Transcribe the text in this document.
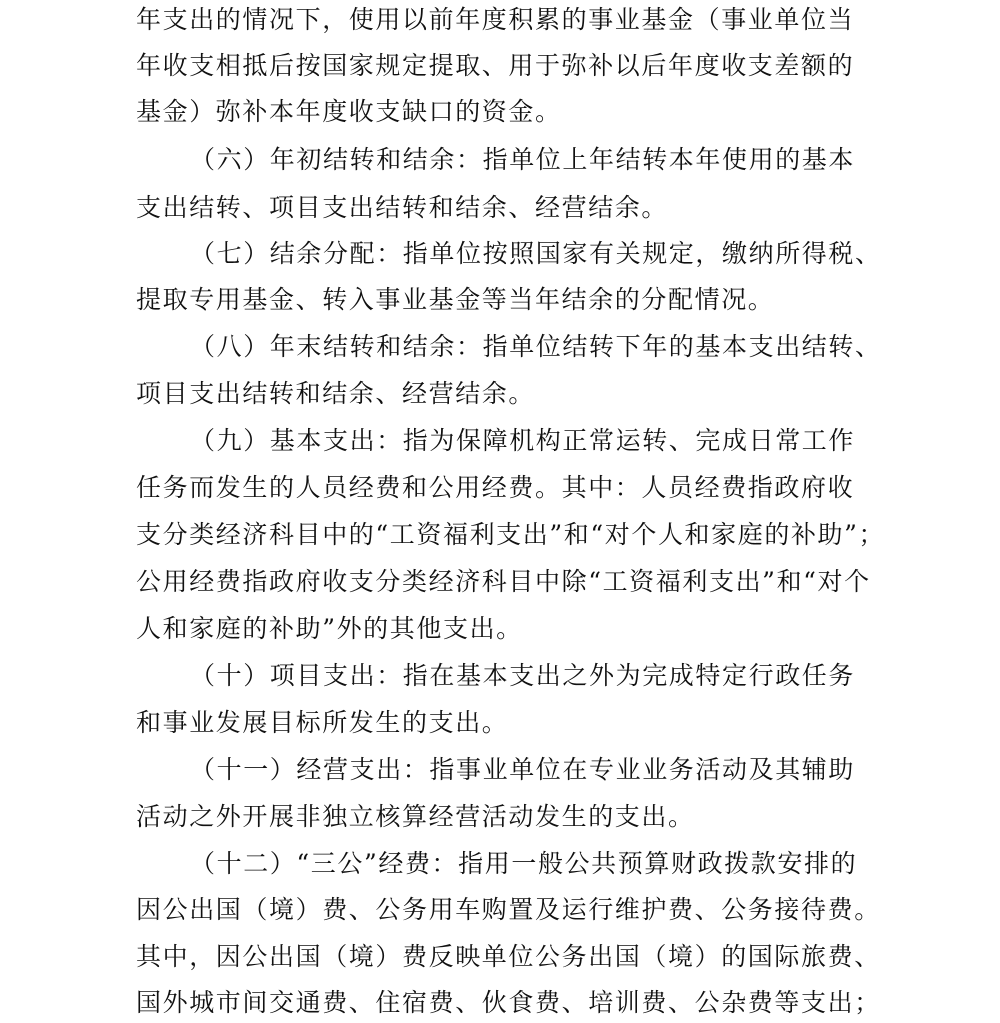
年支出的情况下，使用以前年度积累的事业基金（事业单位当
年收支相抵后按国家规定提取、用于弥补以后年度收支差额的
基金）弥补本年度收支缺口的资金。
（六）年初结转和结余：指单位上年结转本年使用的基本
支出结转、项目支出结转和结余、经营结余。
（七）结余分配：指单位按照国家有关规定，缴纳所得税、
提取专用基金、转入事业基金等当年结余的分配情况。
（八）年末结转和结余：指单位结转下年的基本支出结转、
项目支出结转和结余、经营结余。
（九）基本支出：指为保障机构正常运转、完成日常工作
任务而发生的人员经费和公用经费。其中：人员经费指政府收
支分类经济科目中的“工资福利支出”和“对个人和家庭的补助”；
公用经费指政府收支分类经济科目中除“工资福利支出”和“对个
人和家庭的补助”外的其他支出。
（十）项目支出：指在基本支出之外为完成特定行政任务
和事业发展目标所发生的支出。
（十一）经营支出：指事业单位在专业业务活动及其辅助
活动之外开展非独立核算经营活动发生的支出。
（十二）“三公”经费：指用一般公共预算财政拨款安排的
因公出国（境）费、公务用车购置及运行维护费、公务接待费。
其中，因公出国（境）费反映单位公务出国（境）的国际旅费、
国外城市间交通费、住宿费、伙食费、培训费、公杂费等支出；
